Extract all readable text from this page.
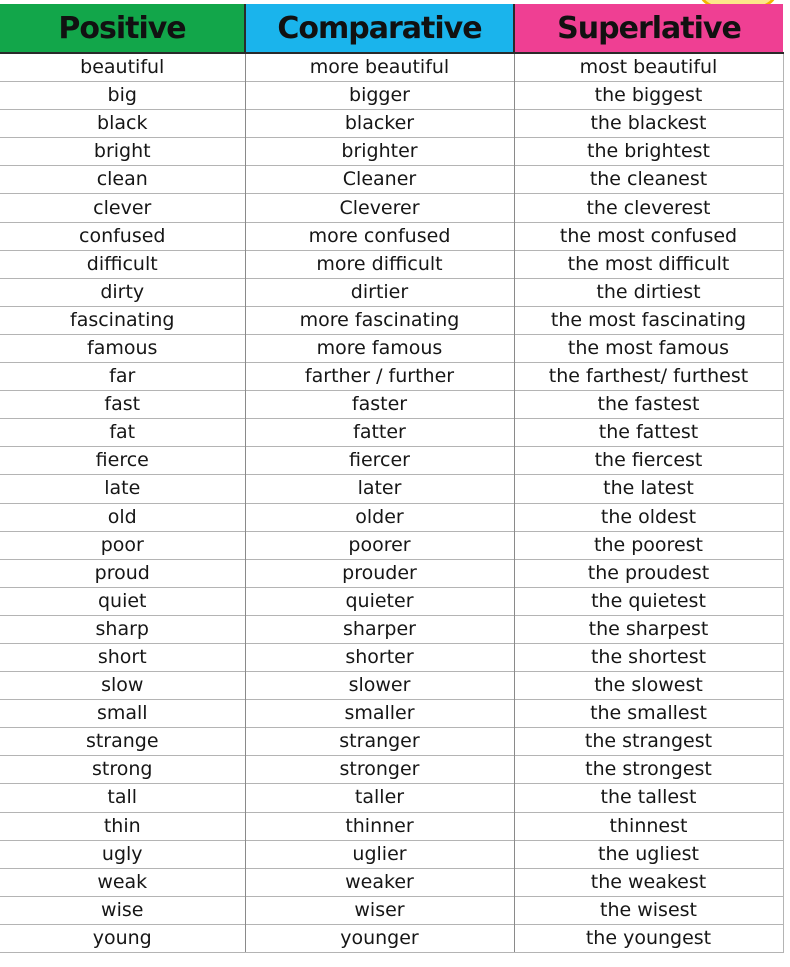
Positive	Comparative	Superlative
beautiful	more beautiful	most beautiful
big	bigger	the biggest
black	blacker	the blackest
bright	brighter	the brightest
clean	Cleaner	the cleanest
clever	Cleverer	the cleverest
confused	more confused	the most confused
difficult	more difficult	the most difficult
dirty	dirtier	the dirtiest
fascinating	more fascinating	the most fascinating
famous	more famous	the most famous
far	farther / further	the farthest/ furthest
fast	faster	the fastest
fat	fatter	the fattest
fierce	fiercer	the fiercest
late	later	the latest
old	older	the oldest
poor	poorer	the poorest
proud	prouder	the proudest
quiet	quieter	the quietest
sharp	sharper	the sharpest
short	shorter	the shortest
slow	slower	the slowest
small	smaller	the smallest
strange	stranger	the strangest
strong	stronger	the strongest
tall	taller	the tallest
thin	thinner	thinnest
ugly	uglier	the ugliest
weak	weaker	the weakest
wise	wiser	the wisest
young	younger	the youngest
